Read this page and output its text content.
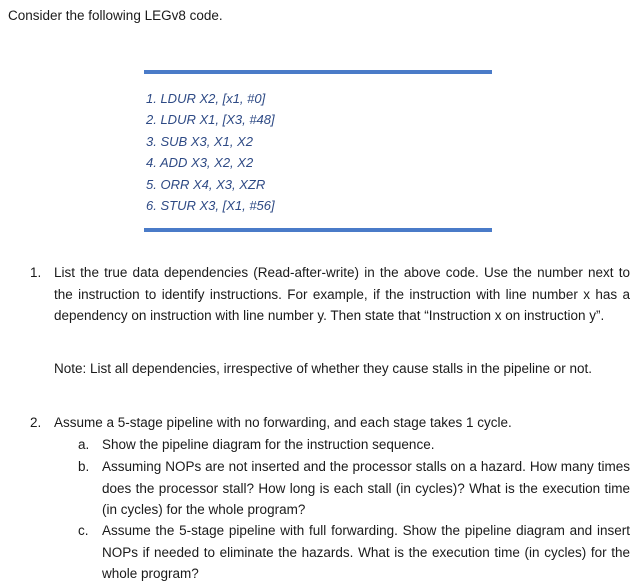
Consider the following LEGv8 code.
1. LDUR X2, [x1, #0]
2. LDUR X1, [X3, #48]
3. SUB X3, X1, X2
4. ADD X3, X2, X2
5. ORR X4, X3, XZR
6. STUR X3, [X1, #56]
1. List the true data dependencies (Read-after-write) in the above code. Use the number next to the instruction to identify instructions. For example, if the instruction with line number x has a dependency on instruction with line number y. Then state that “Instruction x on instruction y”.
Note: List all dependencies, irrespective of whether they cause stalls in the pipeline or not.
2. Assume a 5-stage pipeline with no forwarding, and each stage takes 1 cycle.
a. Show the pipeline diagram for the instruction sequence.
b. Assuming NOPs are not inserted and the processor stalls on a hazard. How many times does the processor stall? How long is each stall (in cycles)? What is the execution time (in cycles) for the whole program?
c. Assume the 5-stage pipeline with full forwarding. Show the pipeline diagram and insert NOPs if needed to eliminate the hazards. What is the execution time (in cycles) for the whole program?
